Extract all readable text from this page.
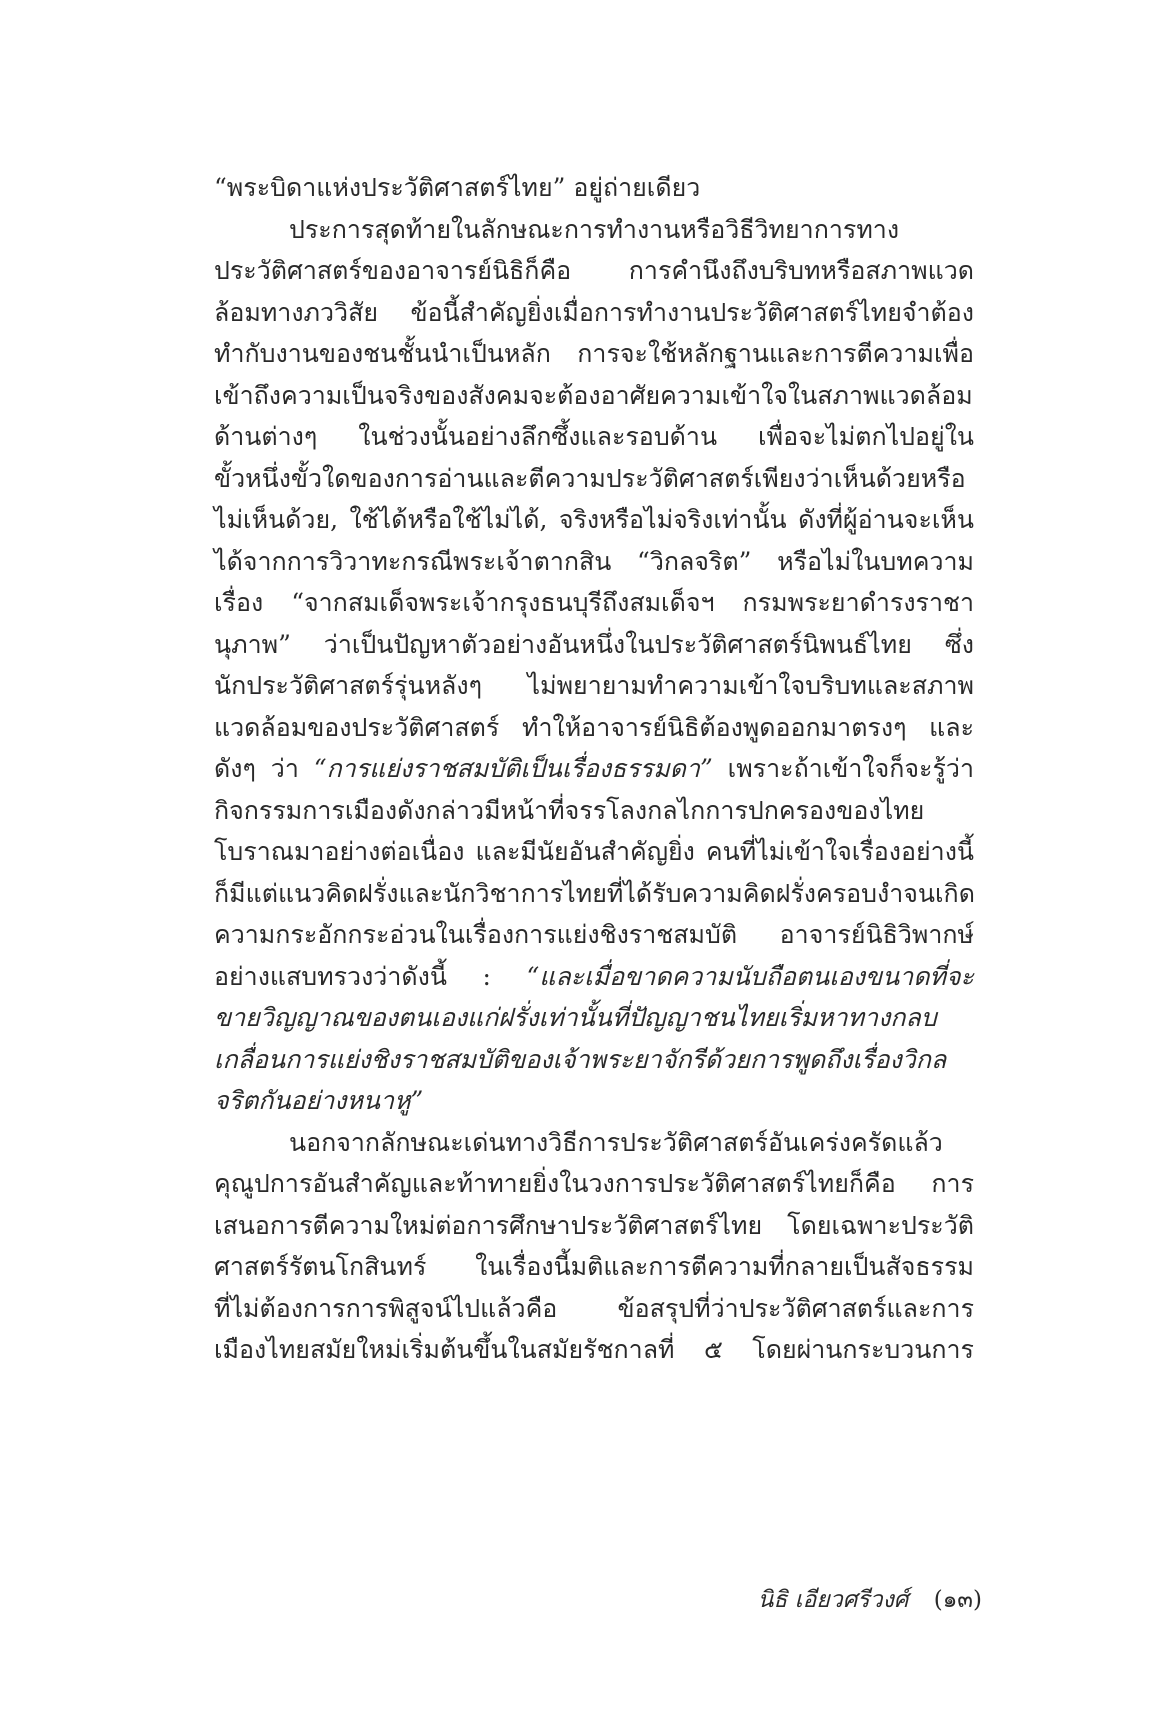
“พระบิดาแห่งประวัติศาสตร์ไทย” อยู่ถ่ายเดียว
ประการสุดท้ายในลักษณะการทำงานหรือวิธีวิทยาการทาง
ประวัติศาสตร์ของอาจารย์นิธิก็คือ การคำนึงถึงบริบทหรือสภาพแวด
ล้อมทางภววิสัย ข้อนี้สำคัญยิ่งเมื่อการทำงานประวัติศาสตร์ไทยจำต้อง
ทำกับงานของชนชั้นนำเป็นหลัก การจะใช้หลักฐานและการตีความเพื่อ
เข้าถึงความเป็นจริงของสังคมจะต้องอาศัยความเข้าใจในสภาพแวดล้อม
ด้านต่างๆ ในช่วงนั้นอย่างลึกซึ้งและรอบด้าน เพื่อจะไม่ตกไปอยู่ใน
ขั้วหนึ่งขั้วใดของการอ่านและตีความประวัติศาสตร์เพียงว่าเห็นด้วยหรือ
ไม่เห็นด้วย, ใช้ได้หรือใช้ไม่ได้, จริงหรือไม่จริงเท่านั้น ดังที่ผู้อ่านจะเห็น
ได้จากการวิวาทะกรณีพระเจ้าตากสิน “วิกลจริต” หรือไม่ในบทความ
เรื่อง “จากสมเด็จพระเจ้ากรุงธนบุรีถึงสมเด็จฯ กรมพระยาดำรงราชา
นุภาพ” ว่าเป็นปัญหาตัวอย่างอันหนึ่งในประวัติศาสตร์นิพนธ์ไทย ซึ่ง
นักประวัติศาสตร์รุ่นหลังๆ ไม่พยายามทำความเข้าใจบริบทและสภาพ
แวดล้อมของประวัติศาสตร์ ทำให้อาจารย์นิธิต้องพูดออกมาตรงๆ และ
ดังๆ ว่า “การแย่งราชสมบัติเป็นเรื่องธรรมดา” เพราะถ้าเข้าใจก็จะรู้ว่า
กิจกรรมการเมืองดังกล่าวมีหน้าที่จรรโลงกลไกการปกครองของไทย
โบราณมาอย่างต่อเนื่อง และมีนัยอันสำคัญยิ่ง คนที่ไม่เข้าใจเรื่องอย่างนี้
ก็มีแต่แนวคิดฝรั่งและนักวิชาการไทยที่ได้รับความคิดฝรั่งครอบงำจนเกิด
ความกระอักกระอ่วนในเรื่องการแย่งชิงราชสมบัติ อาจารย์นิธิวิพากษ์
อย่างแสบทรวงว่าดังนี้ : “และเมื่อขาดความนับถือตนเองขนาดที่จะ
ขายวิญญาณของตนเองแก่ฝรั่งเท่านั้นที่ปัญญาชนไทยเริ่มหาทางกลบ
เกลื่อนการแย่งชิงราชสมบัติของเจ้าพระยาจักรีด้วยการพูดถึงเรื่องวิกล
จริตกันอย่างหนาหู”
นอกจากลักษณะเด่นทางวิธีการประวัติศาสตร์อันเคร่งครัดแล้ว
คุณูปการอันสำคัญและท้าทายยิ่งในวงการประวัติศาสตร์ไทยก็คือ การ
เสนอการตีความใหม่ต่อการศึกษาประวัติศาสตร์ไทย โดยเฉพาะประวัติ
ศาสตร์รัตนโกสินทร์ ในเรื่องนี้มติและการตีความที่กลายเป็นสัจธรรม
ที่ไม่ต้องการการพิสูจน์ไปแล้วคือ ข้อสรุปที่ว่าประวัติศาสตร์และการ
เมืองไทยสมัยใหม่เริ่มต้นขึ้นในสมัยรัชกาลที่ ๕ โดยผ่านกระบวนการ
นิธิ เอียวศรีวงศ์ (๑๓)
